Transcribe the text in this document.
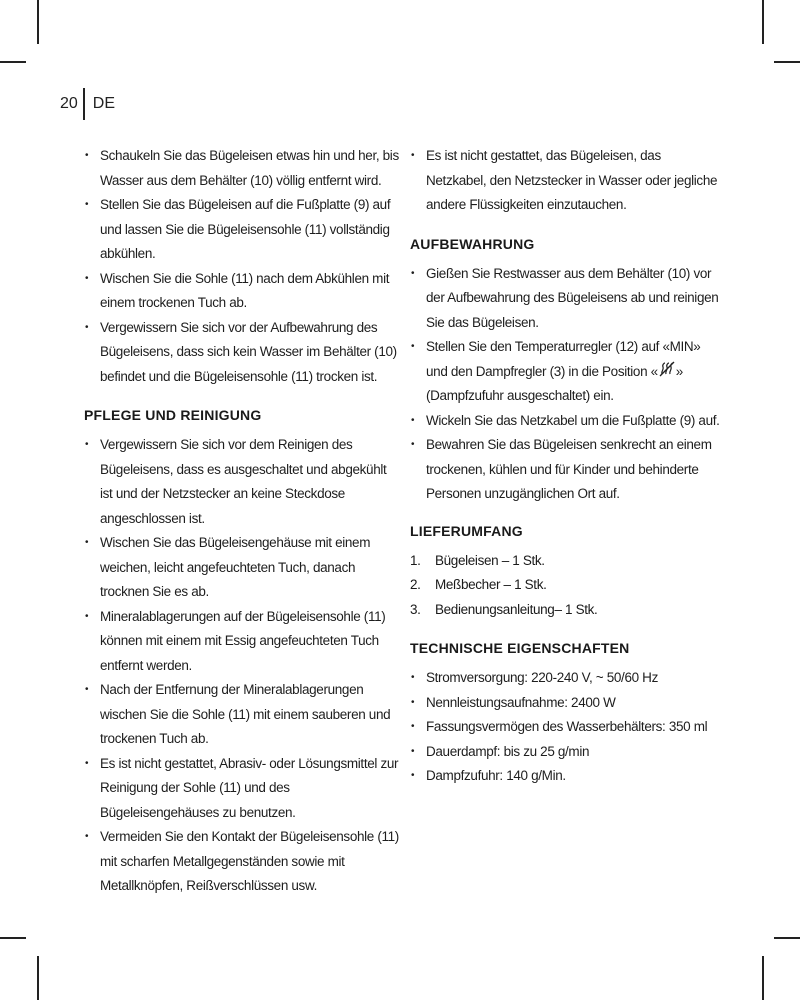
20 DE
• Schaukeln Sie das Bügeleisen etwas hin und her, bis Wasser aus dem Behälter (10) völlig entfernt wird.
• Stellen Sie das Bügeleisen auf die Fußplatte (9) auf und lassen Sie die Bügeleisensohle (11) vollständig abkühlen.
• Wischen Sie die Sohle (11) nach dem Abkühlen mit einem trockenen Tuch ab.
• Vergewissern Sie sich vor der Aufbewahrung des Bügeleisens, dass sich kein Wasser im Behälter (10) befindet und die Bügeleisensohle (11) trocken ist.
PFLEGE UND REINIGUNG
• Vergewissern Sie sich vor dem Reinigen des Bügeleisens, dass es ausgeschaltet und abgekühlt ist und der Netzstecker an keine Steckdose angeschlossen ist.
• Wischen Sie das Bügeleisengehäuse mit einem weichen, leicht angefeuchteten Tuch, danach trocknen Sie es ab.
• Mineralablagerungen auf der Bügeleisensohle (11) können mit einem mit Essig angefeuchteten Tuch entfernt werden.
• Nach der Entfernung der Mineralablagerungen wischen Sie die Sohle (11) mit einem sauberen und trockenen Tuch ab.
• Es ist nicht gestattet, Abrasiv- oder Lösungsmittel zur Reinigung der Sohle (11) und des Bügeleisengehäuses zu benutzen.
• Vermeiden Sie den Kontakt der Bügeleisensohle (11) mit scharfen Metallgegenständen sowie mit Metallknöpfen, Reißverschlüssen usw.
• Es ist nicht gestattet, das Bügeleisen, das Netzkabel, den Netzstecker in Wasser oder jegliche andere Flüssigkeiten einzutauchen.
AUFBEWAHRUNG
• Gießen Sie Restwasser aus dem Behälter (10) vor der Aufbewahrung des Bügeleisens ab und reinigen Sie das Bügeleisen.
• Stellen Sie den Temperaturregler (12) auf «MIN» und den Dampfregler (3) in die Position « » (Dampfzufuhr ausgeschaltet) ein.
• Wickeln Sie das Netzkabel um die Fußplatte (9) auf.
• Bewahren Sie das Bügeleisen senkrecht an einem trockenen, kühlen und für Kinder und behinderte Personen unzugänglichen Ort auf.
LIEFERUMFANG
1. Bügeleisen – 1 Stk.
2. Meßbecher – 1 Stk.
3. Bedienungsanleitung– 1 Stk.
TECHNISCHE EIGENSCHAFTEN
• Stromversorgung: 220-240 V, ~ 50/60 Hz
• Nennleistungsaufnahme: 2400 W
• Fassungsvermögen des Wasserbehälters: 350 ml
• Dauerdampf: bis zu 25 g/min
• Dampfzufuhr: 140 g/Min.
